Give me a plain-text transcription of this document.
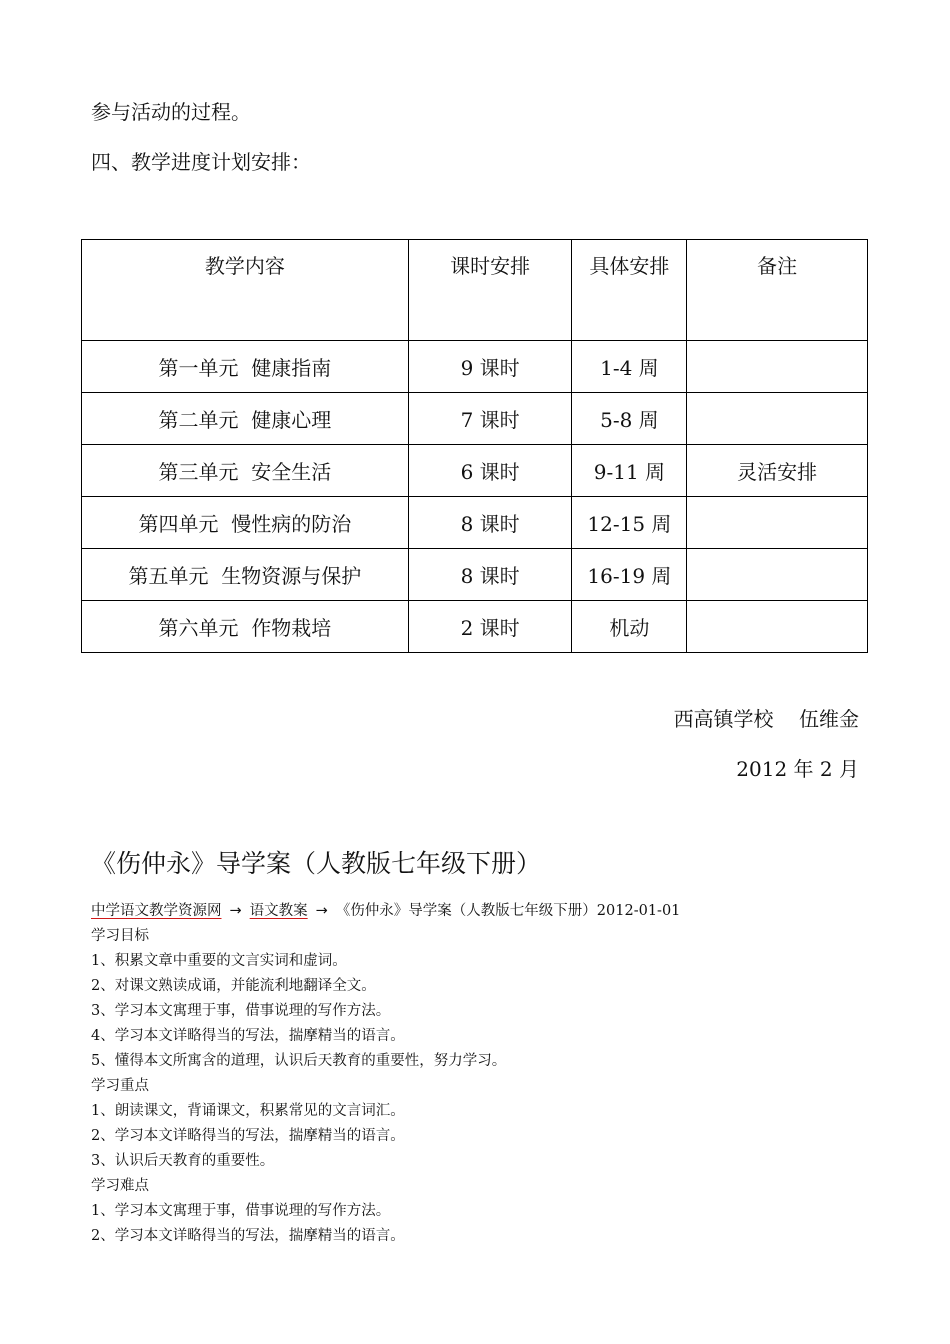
参与活动的过程。
四、教学进度计划安排：
教学内容	课时安排	具体安排	备注
第一单元  健康指南	9 课时	1-4 周	
第二单元  健康心理	7 课时	5-8 周	
第三单元  安全生活	6 课时	9-11 周	灵活安排
第四单元  慢性病的防治	8 课时	12-15 周	
第五单元  生物资源与保护	8 课时	16-19 周	
第六单元  作物栽培	2 课时	机动	
西高镇学校    伍维金
2012 年 2 月
《伤仲永》导学案（人教版七年级下册）
中学语文教学资源网 → 语文教案 → 《伤仲永》导学案（人教版七年级下册）2012-01-01
学习目标
1、积累文章中重要的文言实词和虚词。
2、对课文熟读成诵，并能流利地翻译全文。
3、学习本文寓理于事，借事说理的写作方法。
4、学习本文详略得当的写法，揣摩精当的语言。
5、懂得本文所寓含的道理，认识后天教育的重要性，努力学习。
学习重点
1、朗读课文，背诵课文，积累常见的文言词汇。
2、学习本文详略得当的写法，揣摩精当的语言。
3、认识后天教育的重要性。
学习难点
1、学习本文寓理于事，借事说理的写作方法。
2、学习本文详略得当的写法，揣摩精当的语言。
